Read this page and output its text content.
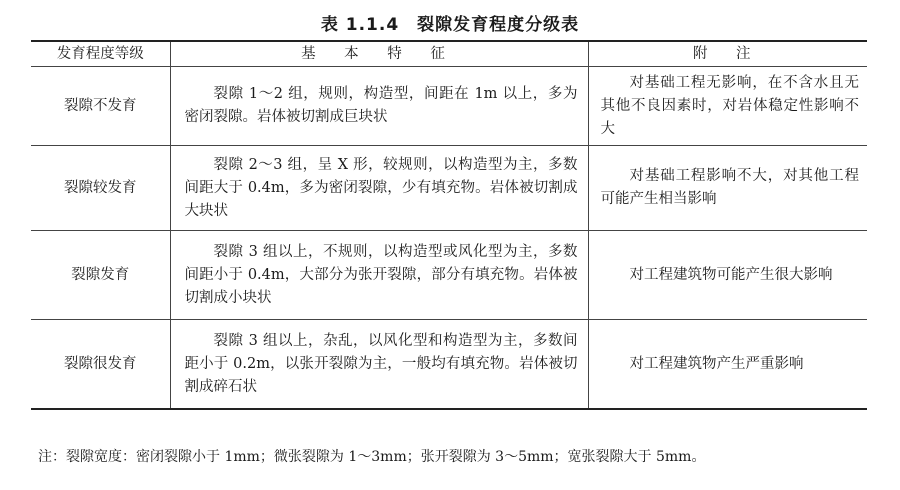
表 1.1.4 裂隙发育程度分级表
发育程度等级	基 本 特 征	附 注
裂隙不发育	裂隙 1～2 组，规则，构造型，间距在 1m 以上，多为密闭裂隙。岩体被切割成巨块状	对基础工程无影响，在不含水且无其他不良因素时，对岩体稳定性影响不大
裂隙较发育	裂隙 2～3 组，呈 X 形，较规则，以构造型为主，多数间距大于 0.4m，多为密闭裂隙，少有填充物。岩体被切割成大块状	对基础工程影响不大，对其他工程可能产生相当影响
裂隙发育	裂隙 3 组以上，不规则，以构造型或风化型为主，多数间距小于 0.4m，大部分为张开裂隙，部分有填充物。岩体被切割成小块状	对工程建筑物可能产生很大影响
裂隙很发育	裂隙 3 组以上，杂乱，以风化型和构造型为主，多数间距小于 0.2m，以张开裂隙为主，一般均有填充物。岩体被切割成碎石状	对工程建筑物产生严重影响
注：裂隙宽度：密闭裂隙小于 1mm；微张裂隙为 1～3mm；张开裂隙为 3～5mm；宽张裂隙大于 5mm。
